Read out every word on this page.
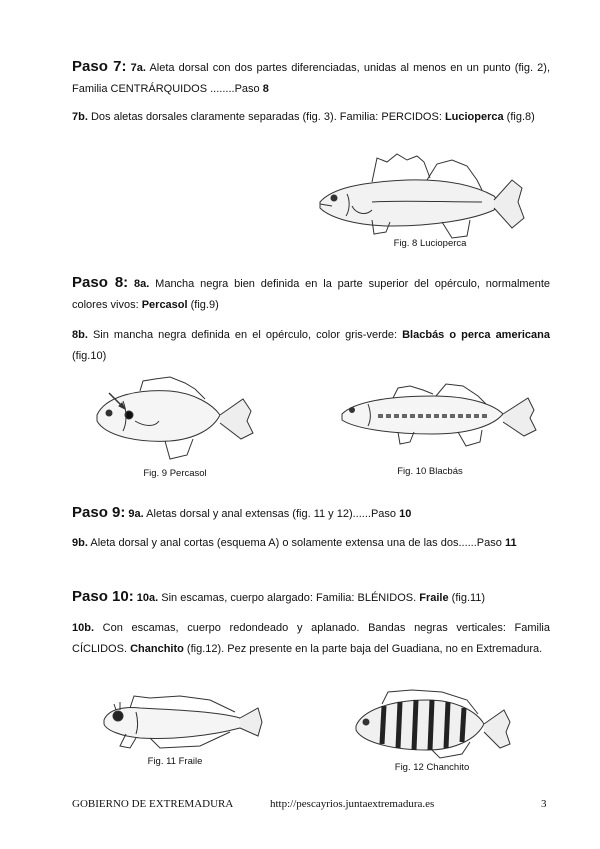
Paso 7: 7a. Aleta dorsal con dos partes diferenciadas, unidas al menos en un punto (fig. 2), Familia CENTRÁRQUIDOS ........Paso 8
7b. Dos aletas dorsales claramente separadas (fig. 3). Familia: PERCIDOS: Lucioperca (fig.8)
Fig. 8 Lucioperca
Paso 8: 8a. Mancha negra bien definida en la parte superior del opérculo, normalmente colores vivos: Percasol (fig.9)
8b. Sin mancha negra definida en el opérculo, color gris-verde: Blacbás o perca americana (fig.10)
Fig. 9 Percasol	Fig. 10 Blacbás
Paso 9: 9a. Aletas dorsal y anal extensas (fig. 11 y 12)......Paso 10
9b. Aleta dorsal y anal cortas (esquema A) o solamente extensa una de las dos......Paso 11
Paso 10: 10a. Sin escamas, cuerpo alargado: Familia: BLÉNIDOS. Fraile (fig.11)
10b. Con escamas, cuerpo redondeado y aplanado. Bandas negras verticales: Familia CÍCLIDOS. Chanchito (fig.12). Pez presente en la parte baja del Guadiana, no en Extremadura.
Fig. 11 Fraile
Fig. 12 Chanchito
GOBIERNO DE EXTREMADURA	http://pescayrios.juntaextremadura.es	3
